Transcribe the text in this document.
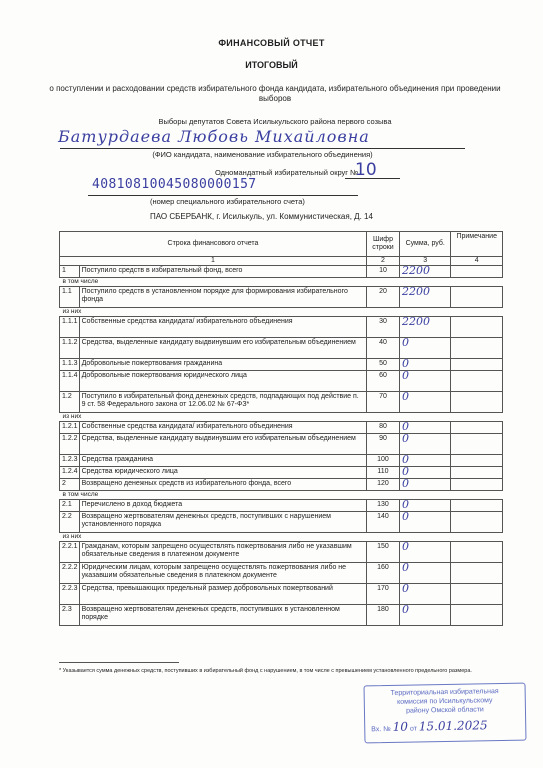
ФИНАНСОВЫЙ ОТЧЕТ
ИТОГОВЫЙ
о поступлении и расходовании средств избирательного фонда кандидата, избирательного объединения при проведении выборов
Выборы депутатов Совета Исилькульского района первого созыва
Батурдаева Любовь Михайловна
(ФИО кандидата, наименование избирательного объединения)
Одномандатный избирательный округ №
10
40810810045080000157
(номер специального избирательного счета)
ПАО СБЕРБАНК, г. Исилькуль, ул. Коммунистическая, Д. 14
Строка финансового отчета		Шифр строки	Сумма, руб.	Примечание
1		2	3	4
1	Поступило средств в избирательный фонд, всего	10	2200	
в том числе				
1.1	Поступило средств в установленном порядке для формирования избирательного фонда	20	2200	
из них				
1.1.1	Собственные средства кандидата/ избирательного объединения	30	2200	
1.1.2	Средства, выделенные кандидату выдвинувшим его избирательным объединением	40	0	
1.1.3	Добровольные пожертвования гражданина	50	0	
1.1.4	Добровольные пожертвования юридического лица	60	0	
1.2	Поступило в избирательный фонд денежных средств, подпадающих под действие п. 9 ст. 58 Федерального закона от 12.06.02 № 67-ФЗ*	70	0	
из них				
1.2.1	Собственные средства кандидата/ избирательного объединения	80	0	
1.2.2	Средства, выделенные кандидату выдвинувшим его избирательным объединением	90	0	
1.2.3	Средства гражданина	100	0	
1.2.4	Средства юридического лица	110	0	
2	Возвращено денежных средств из избирательного фонда, всего	120	0	
в том числе				
2.1	Перечислено в доход бюджета	130	0	
2.2	Возвращено жертвователям денежных средств, поступивших с нарушением установленного порядка	140	0	
из них				
2.2.1	Гражданам, которым запрещено осуществлять пожертвования либо не указавшим обязательные сведения в платежном документе	150	0	
2.2.2	Юридическим лицам, которым запрещено осуществлять пожертвования либо не указавшим обязательные сведения в платежном документе	160	0	
2.2.3	Средства, превышающих предельный размер добровольных пожертвований	170	0	
2.3	Возвращено жертвователям денежных средств, поступивших в установленном порядке	180	0	
* Указывается сумма денежных средств, поступивших в избирательный фонд с нарушением, в том числе с превышением установленного предельного размера.
Территориальная избирательная
комиссия по Исилькульскому
району Омской области
Вх. № 10 от 15.01.2025
